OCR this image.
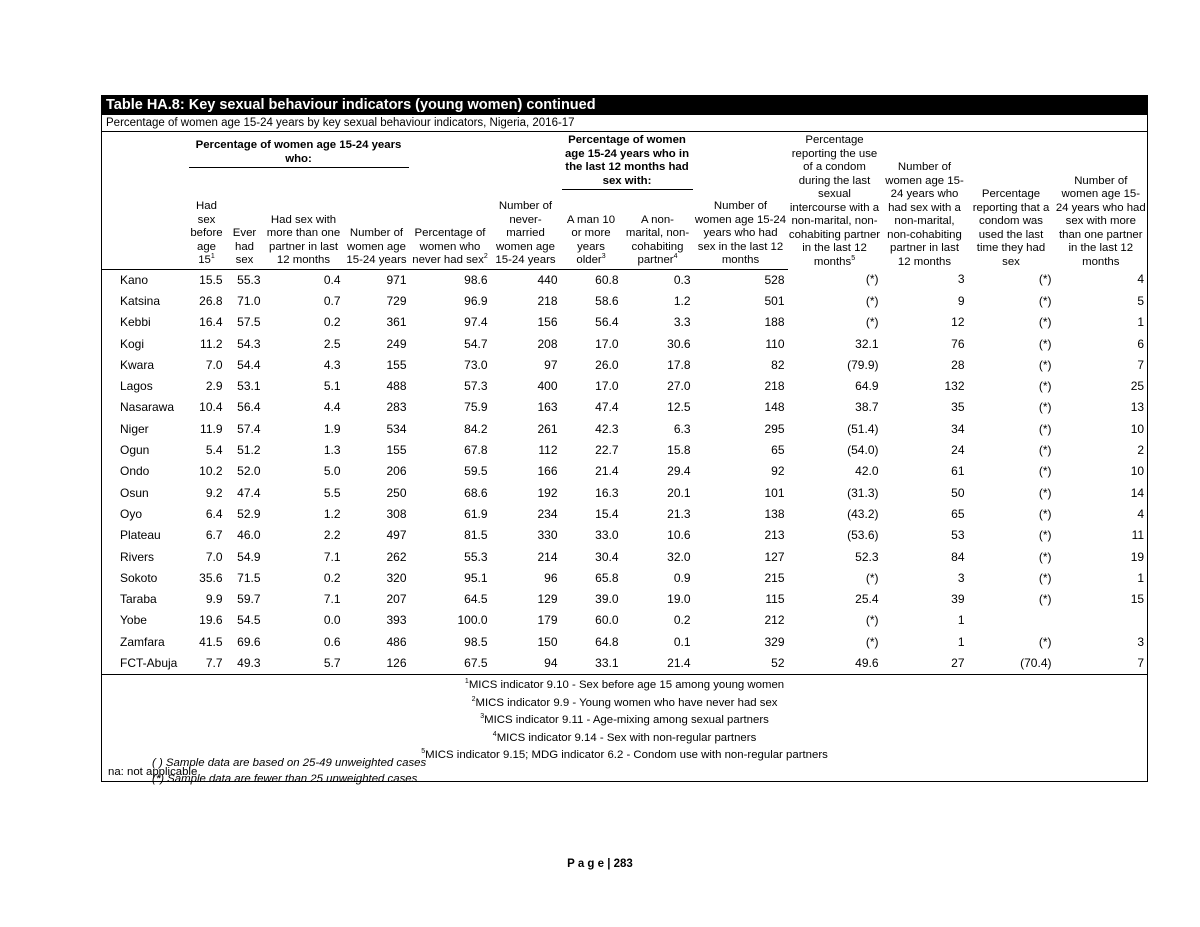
Table HA.8: Key sexual behaviour indicators (young women) continued													
Percentage of women age 15-24 years by key sexual behaviour indicators, Nigeria, 2016-17													
	Percentage of women age 15-24 years who:						Percentage of women age 15-24 years who in the last 12 months had sex with:			Percentage reporting the use of a condom during the last sexual intercourse with a non-marital, non-cohabiting partner in the last 12 months$^5$	Number of women age 15-24 years who had sex with a non-marital, non-cohabiting partner in last 12 months	Percentage reporting that a condom was used the last time they had sex	Number of women age 15-24 years who had sex with more than one partner in the last 12 months
	Had sex before age $15^1$	Ever had sex	Had sex with more than one partner in last 12 months	Number of women age 15-24 years	Percentage of women who never had sex$^2$	Number of never-married women age 15-24 years	A man 10 or more years older$^3$	A non-marital, non-cohabiting partner$^4$	Number of women age 15-24 years who had sex in the last 12 months				
Kano	15.5	55.3	0.4	971	98.6	440	60.8	0.3	528	(*)	3	(*)	4
Katsina	26.8	71.0	0.7	729	96.9	218	58.6	1.2	501	(*)	9	(*)	5
Kebbi	16.4	57.5	0.2	361	97.4	156	56.4	3.3	188	(*)	12	(*)	1
Kogi	11.2	54.3	2.5	249	54.7	208	17.0	30.6	110	32.1	76	(*)	6
Kwara	7.0	54.4	4.3	155	73.0	97	26.0	17.8	82	(79.9)	28	(*)	7
Lagos	2.9	53.1	5.1	488	57.3	400	17.0	27.0	218	64.9	132	(*)	25
Nasarawa	10.4	56.4	4.4	283	75.9	163	47.4	12.5	148	38.7	35	(*)	13
Niger	11.9	57.4	1.9	534	84.2	261	42.3	6.3	295	(51.4)	34	(*)	10
Ogun	5.4	51.2	1.3	155	67.8	112	22.7	15.8	65	(54.0)	24	(*)	2
Ondo	10.2	52.0	5.0	206	59.5	166	21.4	29.4	92	42.0	61	(*)	10
Osun	9.2	47.4	5.5	250	68.6	192	16.3	20.1	101	(31.3)	50	(*)	14
Oyo	6.4	52.9	1.2	308	61.9	234	15.4	21.3	138	(43.2)	65	(*)	4
Plateau	6.7	46.0	2.2	497	81.5	330	33.0	10.6	213	(53.6)	53	(*)	11
Rivers	7.0	54.9	7.1	262	55.3	214	30.4	32.0	127	52.3	84	(*)	19
Sokoto	35.6	71.5	0.2	320	95.1	96	65.8	0.9	215	(*)	3	(*)	1
Taraba	9.9	59.7	7.1	207	64.5	129	39.0	19.0	115	25.4	39	(*)	15
Yobe	19.6	54.5	0.0	393	100.0	179	60.0	0.2	212	(*)	1		
Zamfara	41.5	69.6	0.6	486	98.5	150	64.8	0.1	329	(*)	1	(*)	3
FCT-Abuja	7.7	49.3	5.7	126	67.5	94	33.1	21.4	52	49.6	27	(70.4)	7
$^1$MICS indicator 9.10 - Sex before age 15 among young women													
$^2$MICS indicator 9.9 - Young women who have never had sex													
$^3$MICS indicator 9.11 - Age-mixing among sexual partners													
$^4$MICS indicator 9.14 - Sex with non-regular partners													
$^5$MICS indicator 9.15; MDG indicator 6.2 - Condom use with non-regular partners													
na: not applicable													
( ) Sample data are based on 25-49 unweighted cases
(*) Sample data are fewer than 25 unweighted cases
P a g e | 283
